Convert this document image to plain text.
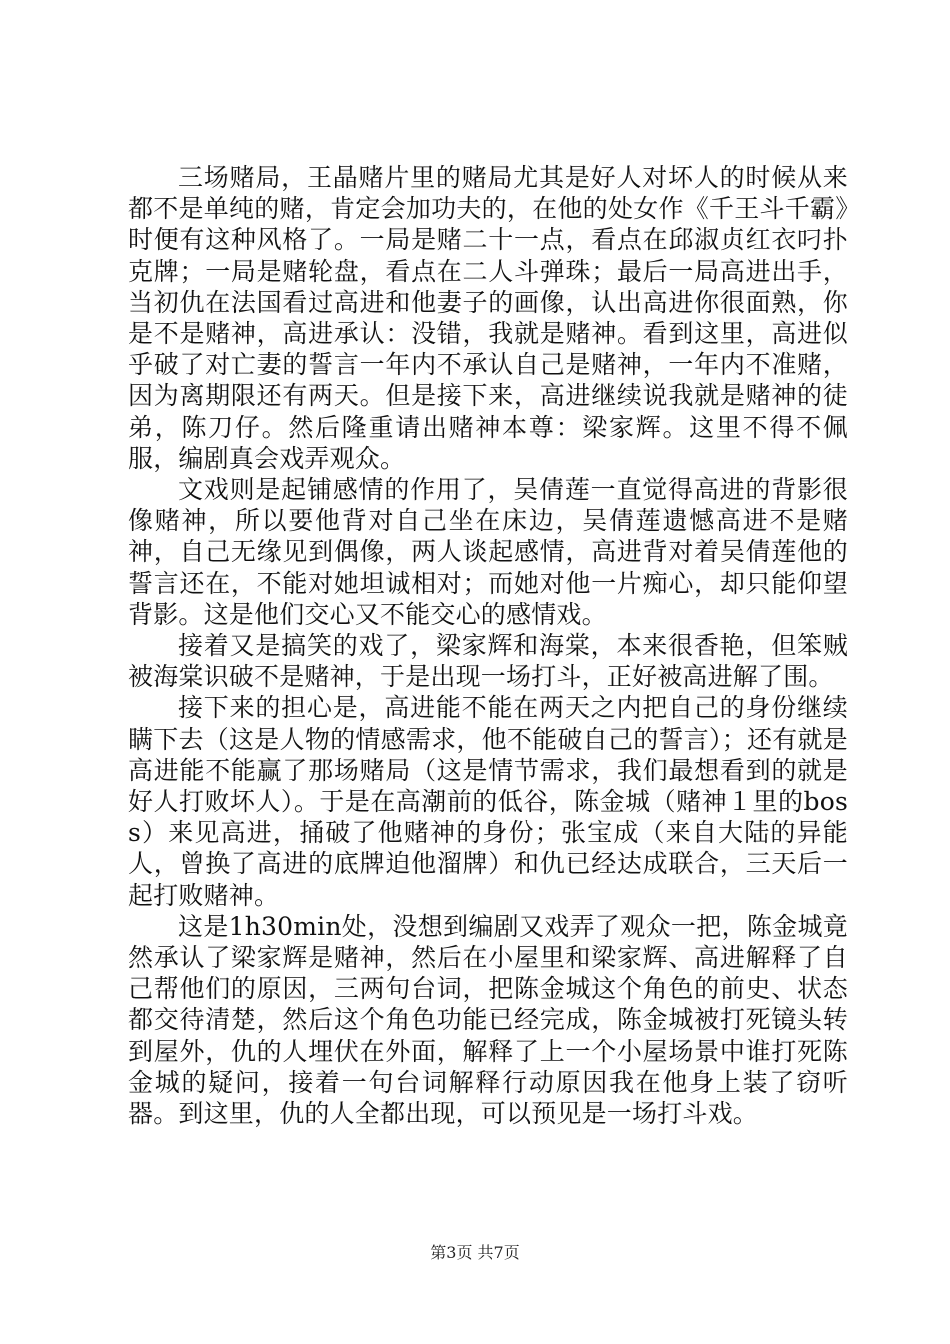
三场赌局，王晶赌片里的赌局尤其是好人对坏人的时候从来都不是单纯的赌，肯定会加功夫的，在他的处女作《千王斗千霸》时便有这种风格了。一局是赌二十一点，看点在邱淑贞红衣叼扑克牌；一局是赌轮盘，看点在二人斗弹珠；最后一局高进出手，当初仇在法国看过高进和他妻子的画像，认出高进你很面熟，你是不是赌神，高进承认：没错，我就是赌神。看到这里，高进似乎破了对亡妻的誓言一年内不承认自己是赌神，一年内不准赌，因为离期限还有两天。但是接下来，高进继续说我就是赌神的徒弟，陈刀仔。然后隆重请出赌神本尊：梁家辉。这里不得不佩服，编剧真会戏弄观众。

文戏则是起铺感情的作用了，吴倩莲一直觉得高进的背影很像赌神，所以要他背对自己坐在床边，吴倩莲遗憾高进不是赌神，自己无缘见到偶像，两人谈起感情，高进背对着吴倩莲他的誓言还在，不能对她坦诚相对；而她对他一片痴心，却只能仰望背影。这是他们交心又不能交心的感情戏。

接着又是搞笑的戏了，梁家辉和海棠，本来很香艳，但笨贼被海棠识破不是赌神，于是出现一场打斗，正好被高进解了围。

接下来的担心是，高进能不能在两天之内把自己的身份继续瞒下去（这是人物的情感需求，他不能破自己的誓言）；还有就是高进能不能赢了那场赌局（这是情节需求，我们最想看到的就是好人打败坏人）。于是在高潮前的低谷，陈金城（赌神１里的boss）来见高进，捅破了他赌神的身份；张宝成（来自大陆的异能人，曾换了高进的底牌迫他溜牌）和仇已经达成联合，三天后一起打败赌神。

这是1h30min处，没想到编剧又戏弄了观众一把，陈金城竟然承认了梁家辉是赌神，然后在小屋里和梁家辉、高进解释了自己帮他们的原因，三两句台词，把陈金城这个角色的前史、状态都交待清楚，然后这个角色功能已经完成，陈金城被打死镜头转到屋外，仇的人埋伏在外面，解释了上一个小屋场景中谁打死陈金城的疑问，接着一句台词解释行动原因我在他身上装了窃听器。到这里，仇的人全都出现，可以预见是一场打斗戏。

第3页 共7页
